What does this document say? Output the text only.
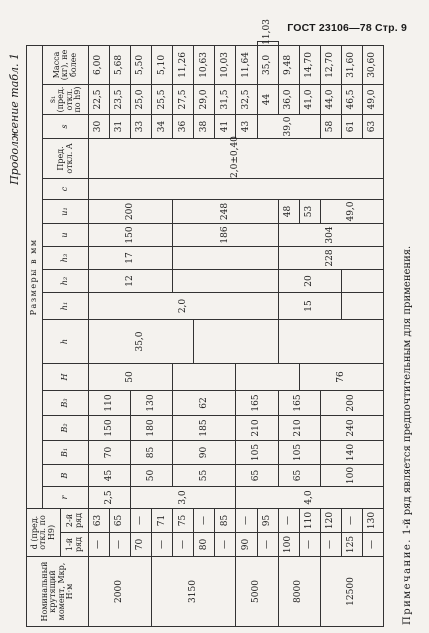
ГОСТ 23106—78 Стр. 9
Продолжение табл. 1
Номинальный крутящий момент, Mкр, Н·м	d (пред. откл. по H9)		Размеры в мм																	
			r	B	B₁	B₂	B₃	H	h	h₁	h₂	h₃	u	u₁	c	Пред. откл. A	s	s₁ (пред. откл. по h9)	Масса (кг), не более	
	1-й ряд	2-й ряд																		
2000	—	63	2,5	45	70	150	110	50	35,0	2,0	12	17	150	200		2,0±0,40	30	22,5	6,00	
	—	65															31	23,5	5,68	
	70	—	3,0	50	85	180	130										33	25,0	5,50	
3150	—	71															34	25,5	5,10	
	—	75		55	90	185	62						186	248			36	27,5	11,26	
	80	—															38	29,0	10,63	
	—	85															41	31,5	10,03	
5000	90	—	4,0	65	105	210	165										43	32,5	11,64	
	—	95															39,0	44	35,0	11,03
8000	100	—		65	105	210	165			15	20	228	304	48				36,0	9,48	
	—	110						76						53				41,0	14,70	
12500	—	120		100	140	240	200							49,0			58	44,0	12,70	
	125	—															61	46,5	31,60	
	—	130															63	49,0	30,60	
Примечание. 1-й ряд является предпочтительным для применения.
